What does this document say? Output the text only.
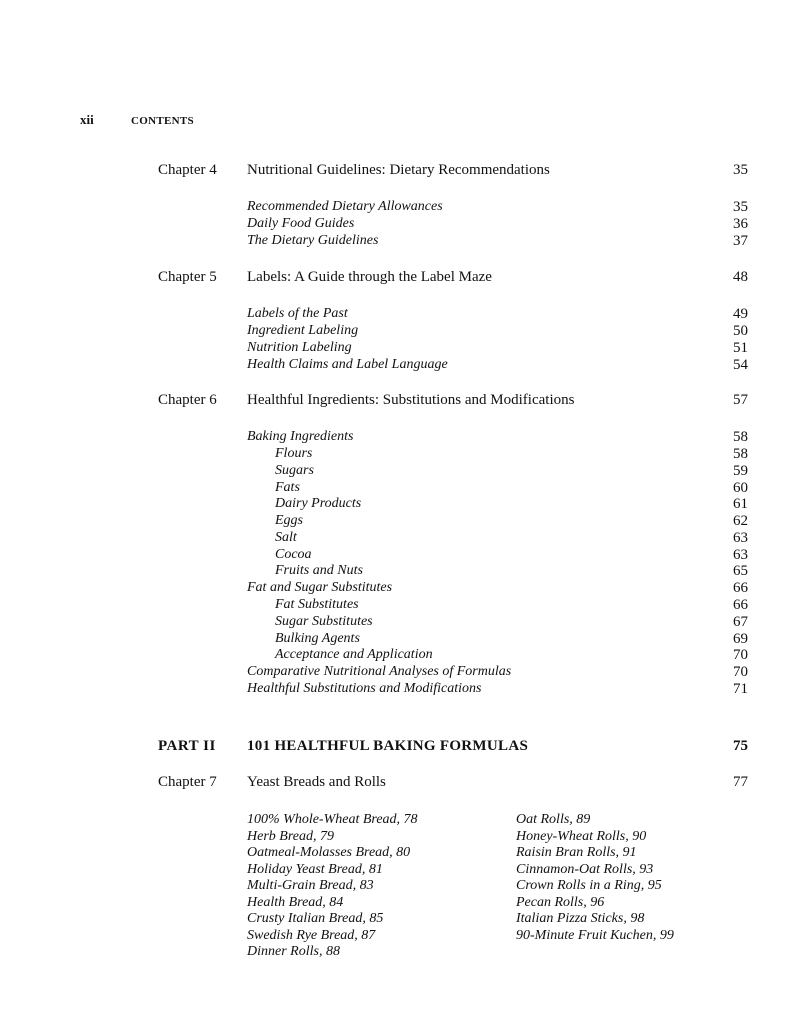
xii	CONTENTS
Chapter 4 Nutritional Guidelines: Dietary Recommendations	35
Recommended Dietary Allowances	35
Daily Food Guides	36
The Dietary Guidelines	37
Chapter 5 Labels: A Guide through the Label Maze	48
Labels of the Past	49
Ingredient Labeling	50
Nutrition Labeling	51
Health Claims and Label Language	54
Chapter 6 Healthful Ingredients: Substitutions and Modifications	57
Baking Ingredients	58
Flours	58
Sugars	59
Fats	60
Dairy Products	61
Eggs	62
Salt	63
Cocoa	63
Fruits and Nuts	65
Fat and Sugar Substitutes	66
Fat Substitutes	66
Sugar Substitutes	67
Bulking Agents	69
Acceptance and Application	70
Comparative Nutritional Analyses of Formulas	70
Healthful Substitutions and Modifications	71
PART II 101 HEALTHFUL BAKING FORMULAS	75
Chapter 7 Yeast Breads and Rolls	77
100% Whole-Wheat Bread, 78
Herb Bread, 79
Oatmeal-Molasses Bread, 80
Holiday Yeast Bread, 81
Multi-Grain Bread, 83
Health Bread, 84
Crusty Italian Bread, 85
Swedish Rye Bread, 87
Dinner Rolls, 88
Oat Rolls, 89
Honey-Wheat Rolls, 90
Raisin Bran Rolls, 91
Cinnamon-Oat Rolls, 93
Crown Rolls in a Ring, 95
Pecan Rolls, 96
Italian Pizza Sticks, 98
90-Minute Fruit Kuchen, 99
